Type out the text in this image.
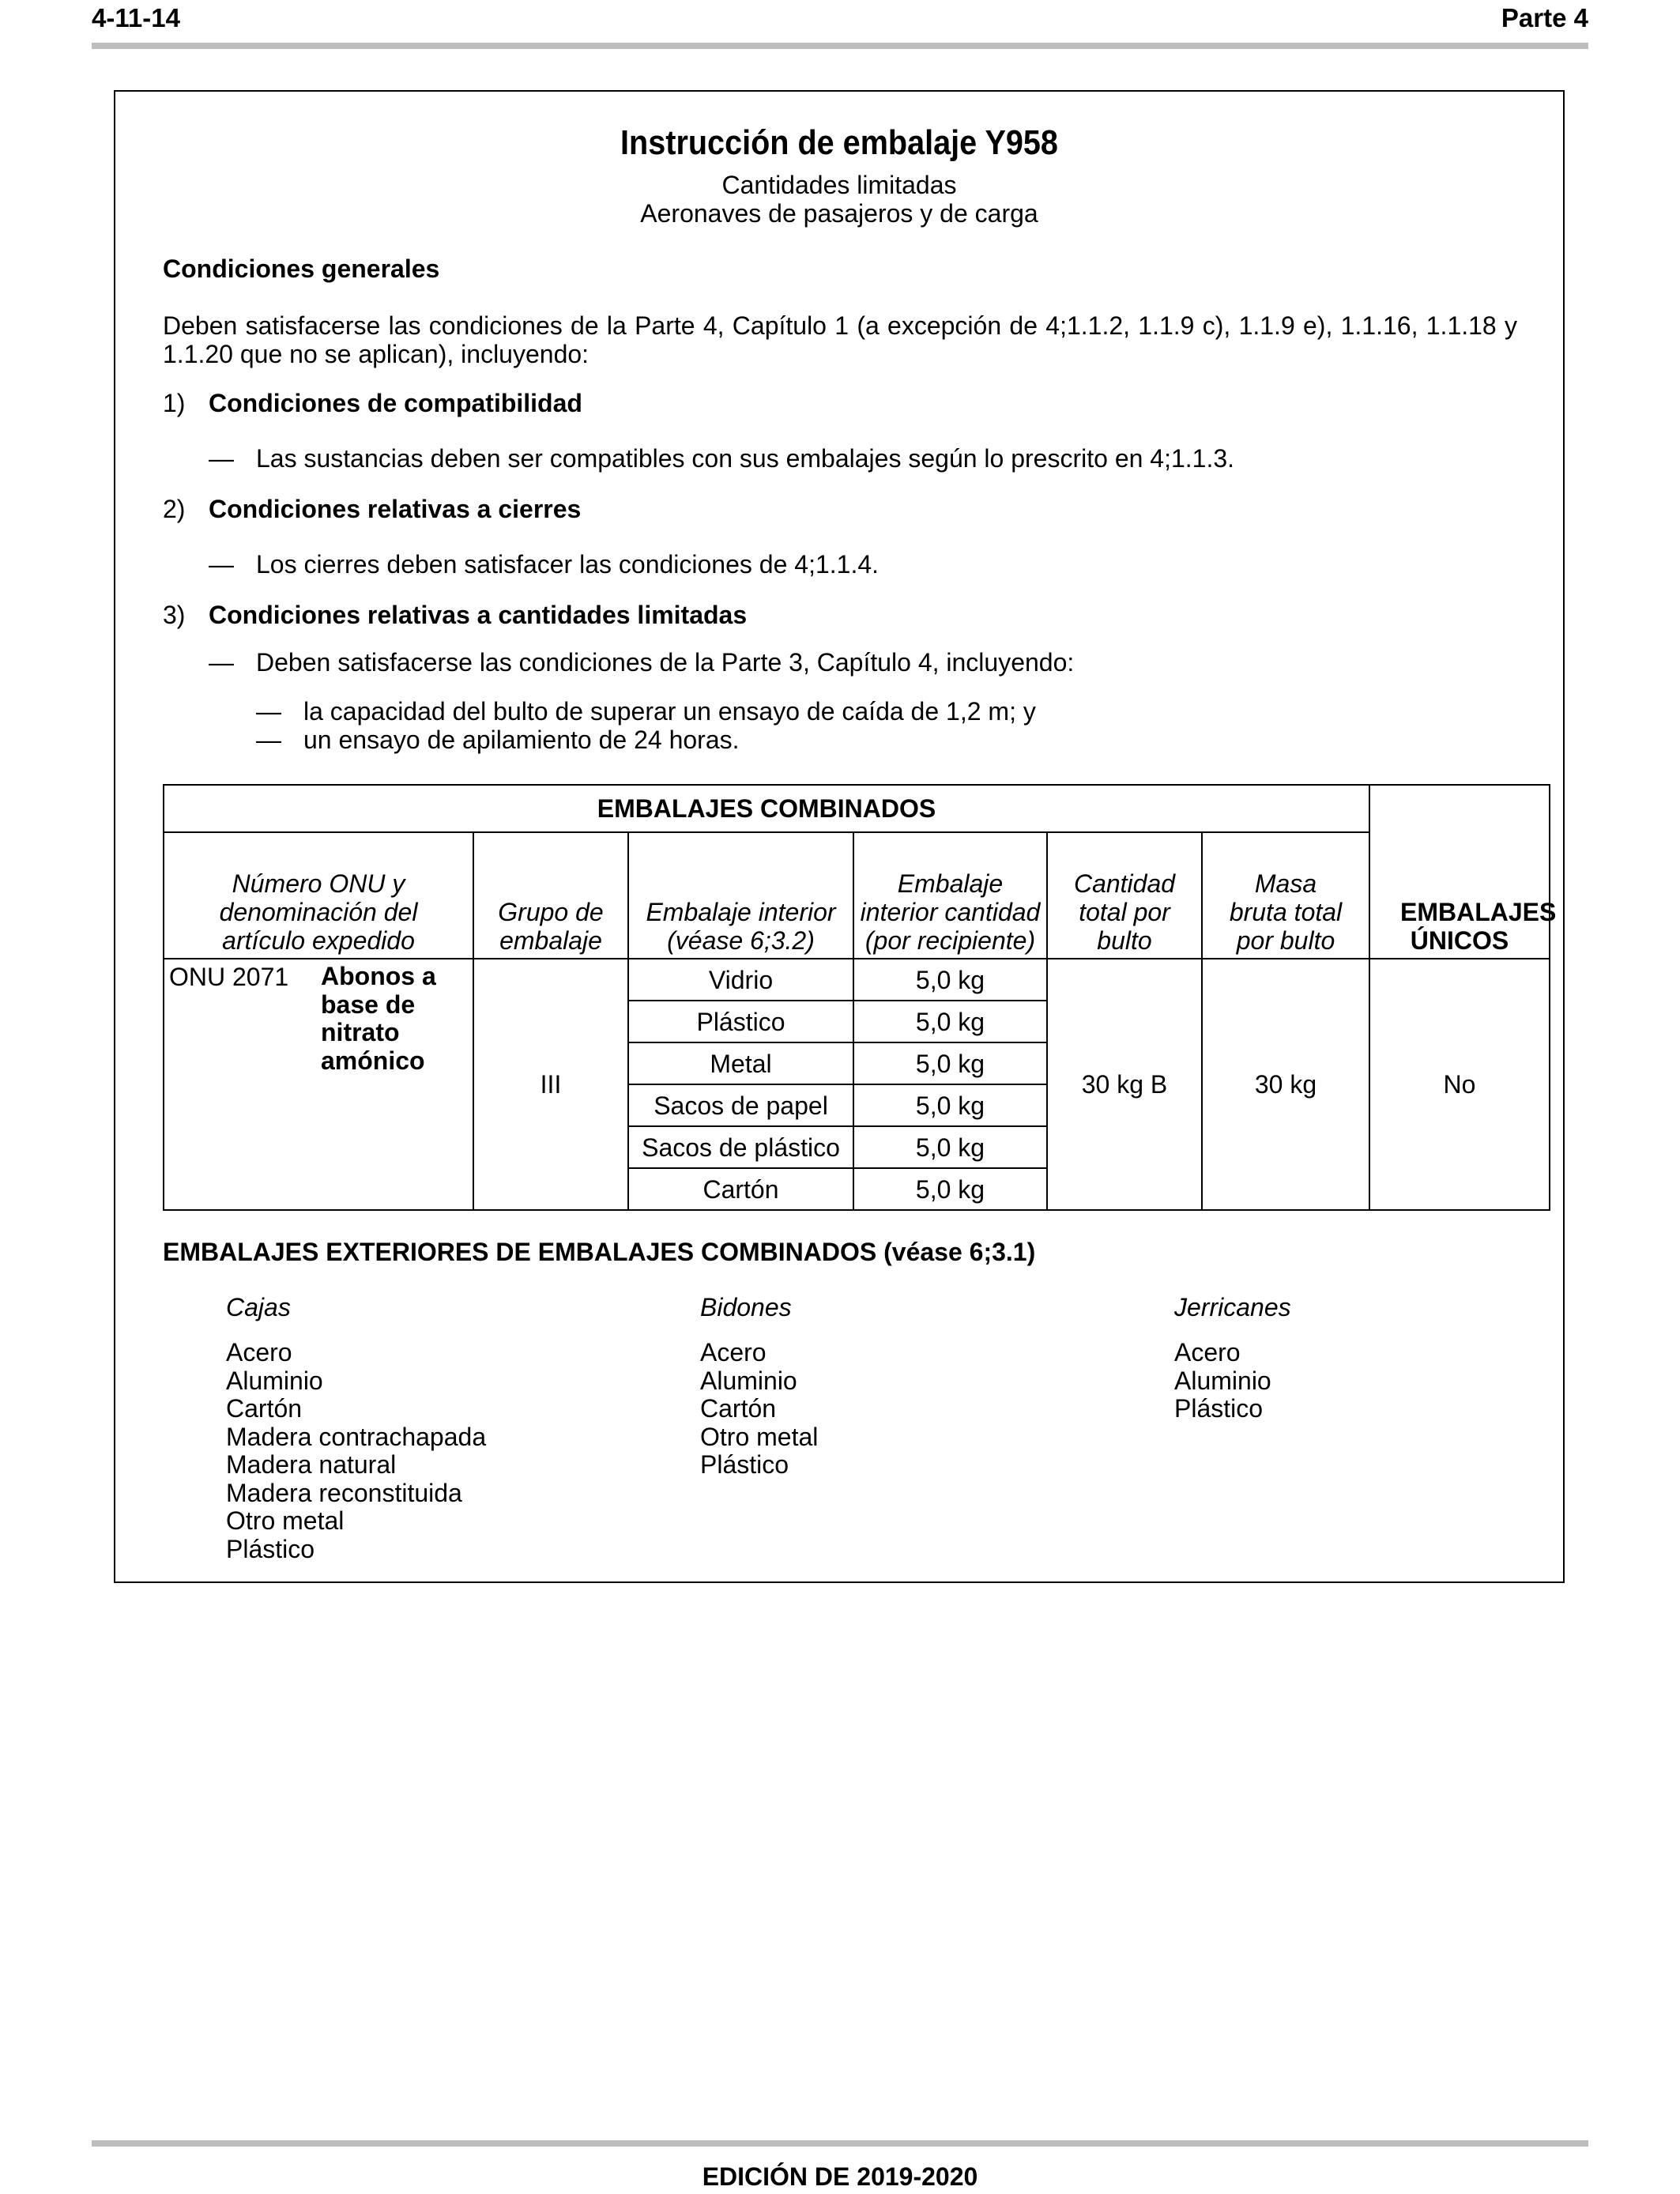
4-11-14	Parte 4
Instrucción de embalaje Y958
Cantidades limitadas
Aeronaves de pasajeros y de carga
Condiciones generales
Deben satisfacerse las condiciones de la Parte 4, Capítulo 1 (a excepción de 4;1.1.2, 1.1.9 c), 1.1.9 e), 1.1.16, 1.1.18 y 1.1.20 que no se aplican), incluyendo:
1) Condiciones de compatibilidad
— Las sustancias deben ser compatibles con sus embalajes según lo prescrito en 4;1.1.3.
2) Condiciones relativas a cierres
— Los cierres deben satisfacer las condiciones de 4;1.1.4.
3) Condiciones relativas a cantidades limitadas
— Deben satisfacerse las condiciones de la Parte 3, Capítulo 4, incluyendo:
— la capacidad del bulto de superar un ensayo de caída de 1,2 m; y
— un ensayo de apilamiento de 24 horas.
EMBALAJES COMBINADOS						EMBALAJES ÚNICOS

Número ONU y denominación del artículo expedido	Grupo de embalaje	Embalaje interior (véase 6;3.2)	Embalaje interior cantidad (por recipiente)	Cantidad total por bulto	Masa bruta total por bulto	

ONU 2071 Abonos a base de nitrato amónico	III	Vidrio	5,0 kg	30 kg B	30 kg	No
		Plástico	5,0 kg			
		Metal	5,0 kg			
		Sacos de papel	5,0 kg			
		Sacos de plástico	5,0 kg			
		Cartón	5,0 kg			
EMBALAJES EXTERIORES DE EMBALAJES COMBINADOS (véase 6;3.1)
Cajas
Acero
Aluminio
Cartón
Madera contrachapada
Madera natural
Madera reconstituida
Otro metal
Plástico
Bidones
Acero
Aluminio
Cartón
Otro metal
Plástico
Jerricanes
Acero
Aluminio
Plástico
EDICIÓN DE 2019-2020
